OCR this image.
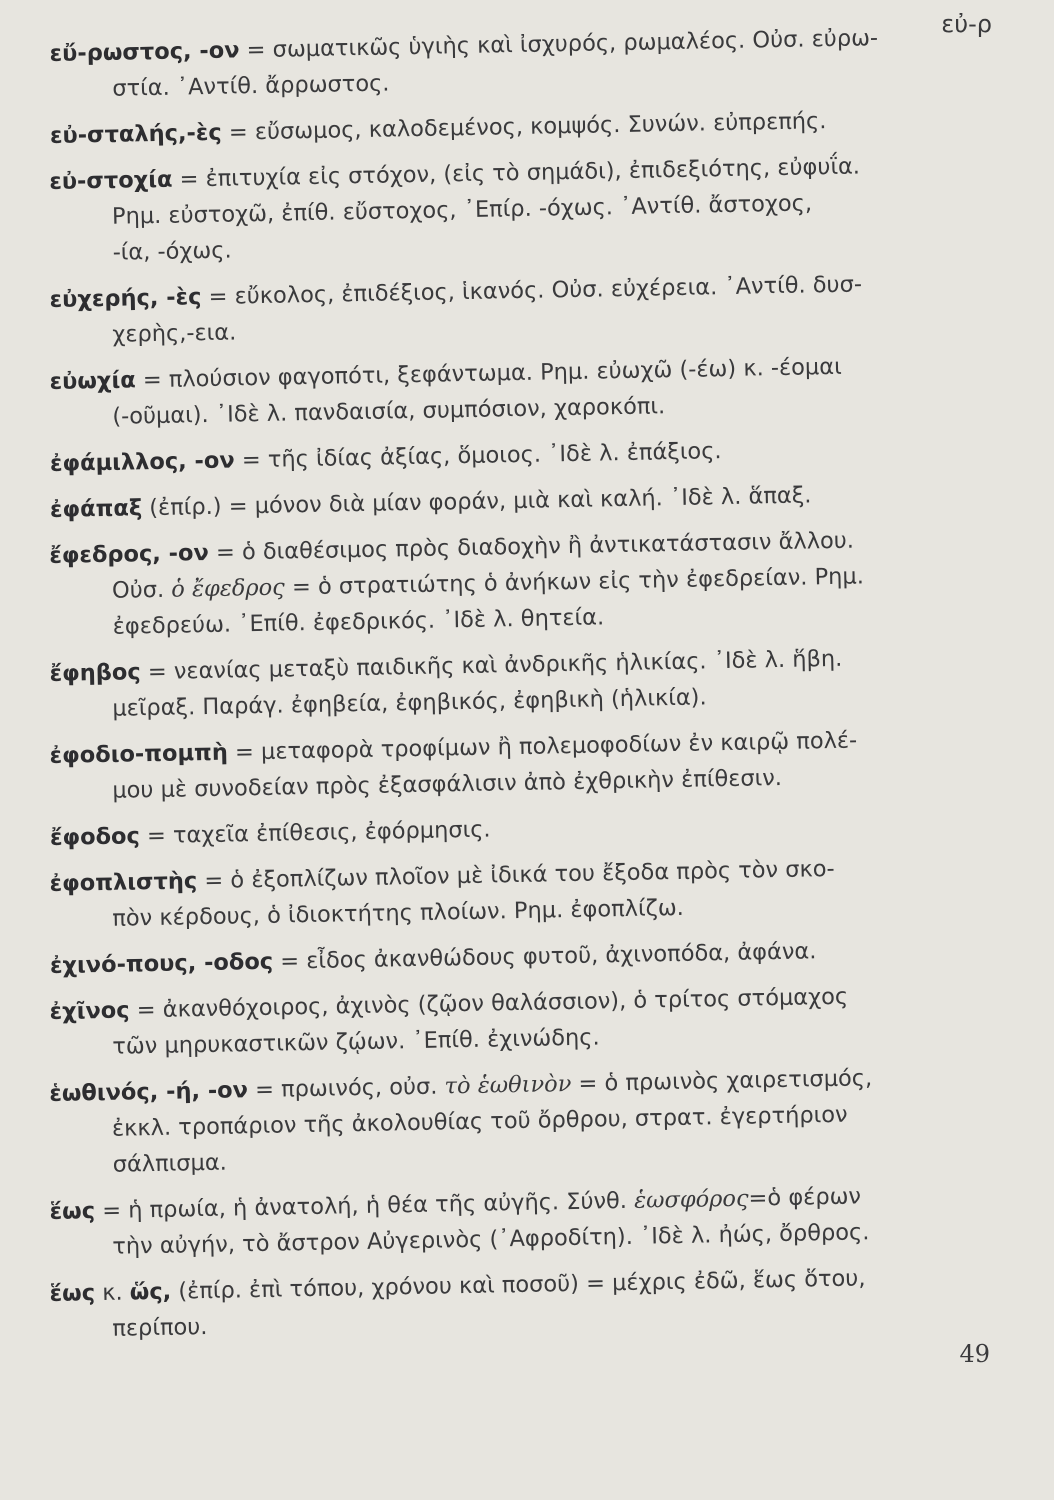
εὐ-ρ
εὔ-ρωστος, -ον = σωματικῶς ὑγιὴς καὶ ἰσχυρός, ρωμαλέος. Οὐσ. εὐρω-
στία. ᾽Αντίθ. ἄρρωστος.
εὐ-σταλής,-ὲς = εὔσωμος, καλοδεμένος, κομψός. Συνών. εὐπρεπής.
εὐ-στοχία = ἐπιτυχία εἰς στόχον, (εἰς τὸ σημάδι), ἐπιδεξιότης, εὐφυΐα.
Ρημ. εὐστοχῶ, ἐπίθ. εὔστοχος, ᾽Επίρ. -όχως. ᾽Αντίθ. ἄστοχος,
-ία, -όχως.
εὐχερής, -ὲς = εὔκολος, ἐπιδέξιος, ἱκανός. Οὐσ. εὐχέρεια. ᾽Αντίθ. δυσ-
χερὴς,-εια.
εὐωχία = πλούσιον φαγοπότι, ξεφάντωμα. Ρημ. εὐωχῶ (-έω) κ. -έομαι
(-οῦμαι). ᾽Ιδὲ λ. πανδαισία, συμπόσιον, χαροκόπι.
ἐφάμιλλος, -ον = τῆς ἰδίας ἀξίας, ὅμοιος. ᾽Ιδὲ λ. ἐπάξιος.
ἐφάπαξ (ἐπίρ.) = μόνον διὰ μίαν φοράν, μιὰ καὶ καλή. ᾽Ιδὲ λ. ἅπαξ.
ἔφεδρος, -ον = ὁ διαθέσιμος πρὸς διαδοχὴν ἢ ἀντικατάστασιν ἄλλου.
Οὐσ. ὁ ἔφεδρος = ὁ στρατιώτης ὁ ἀνήκων εἰς τὴν ἐφεδρείαν. Ρημ.
ἐφεδρεύω. ᾽Επίθ. ἐφεδρικός. ᾽Ιδὲ λ. θητεία.
ἔφηβος = νεανίας μεταξὺ παιδικῆς καὶ ἀνδρικῆς ἡλικίας. ᾽Ιδὲ λ. ἥβη.
μεῖραξ. Παράγ. ἐφηβεία, ἐφηβικός, ἐφηβικὴ (ἡλικία).
ἐφοδιο-πομπὴ = μεταφορὰ τροφίμων ἢ πολεμοφοδίων ἐν καιρῷ πολέ-
μου μὲ συνοδείαν πρὸς ἐξασφάλισιν ἀπὸ ἐχθρικὴν ἐπίθεσιν.
ἔφοδος = ταχεῖα ἐπίθεσις, ἐφόρμησις.
ἐφοπλιστὴς = ὁ ἐξοπλίζων πλοῖον μὲ ἰδικά του ἔξοδα πρὸς τὸν σκο-
πὸν κέρδους, ὁ ἰδιοκτήτης πλοίων. Ρημ. ἐφοπλίζω.
ἐχινό-πους, -οδος = εἶδος ἀκανθώδους φυτοῦ, ἀχινοπόδα, ἀφάνα.
ἐχῖνος = ἀκανθόχοιρος, ἀχινὸς (ζῷον θαλάσσιον), ὁ τρίτος στόμαχος
τῶν μηρυκαστικῶν ζῴων. ᾽Επίθ. ἐχινώδης.
ἑωθινός, -ή, -ον = πρωινός, οὐσ. τὸ ἑωθινὸν = ὁ πρωινὸς χαιρετισμός,
ἐκκλ. τροπάριον τῆς ἀκολουθίας τοῦ ὄρθρου, στρατ. ἐγερτήριον
σάλπισμα.
ἕως = ἡ πρωία, ἡ ἀνατολή, ἡ θέα τῆς αὐγῆς. Σύνθ. ἑωσφόρος=ὁ φέρων
τὴν αὐγήν, τὸ ἄστρον Αὐγερινὸς (᾽Αφροδίτη). ᾽Ιδὲ λ. ἠώς, ὄρθρος.
ἕως κ. ὥς, (ἐπίρ. ἐπὶ τόπου, χρόνου καὶ ποσοῦ) = μέχρις ἐδῶ, ἕως ὅτου,
περίπου.
49
